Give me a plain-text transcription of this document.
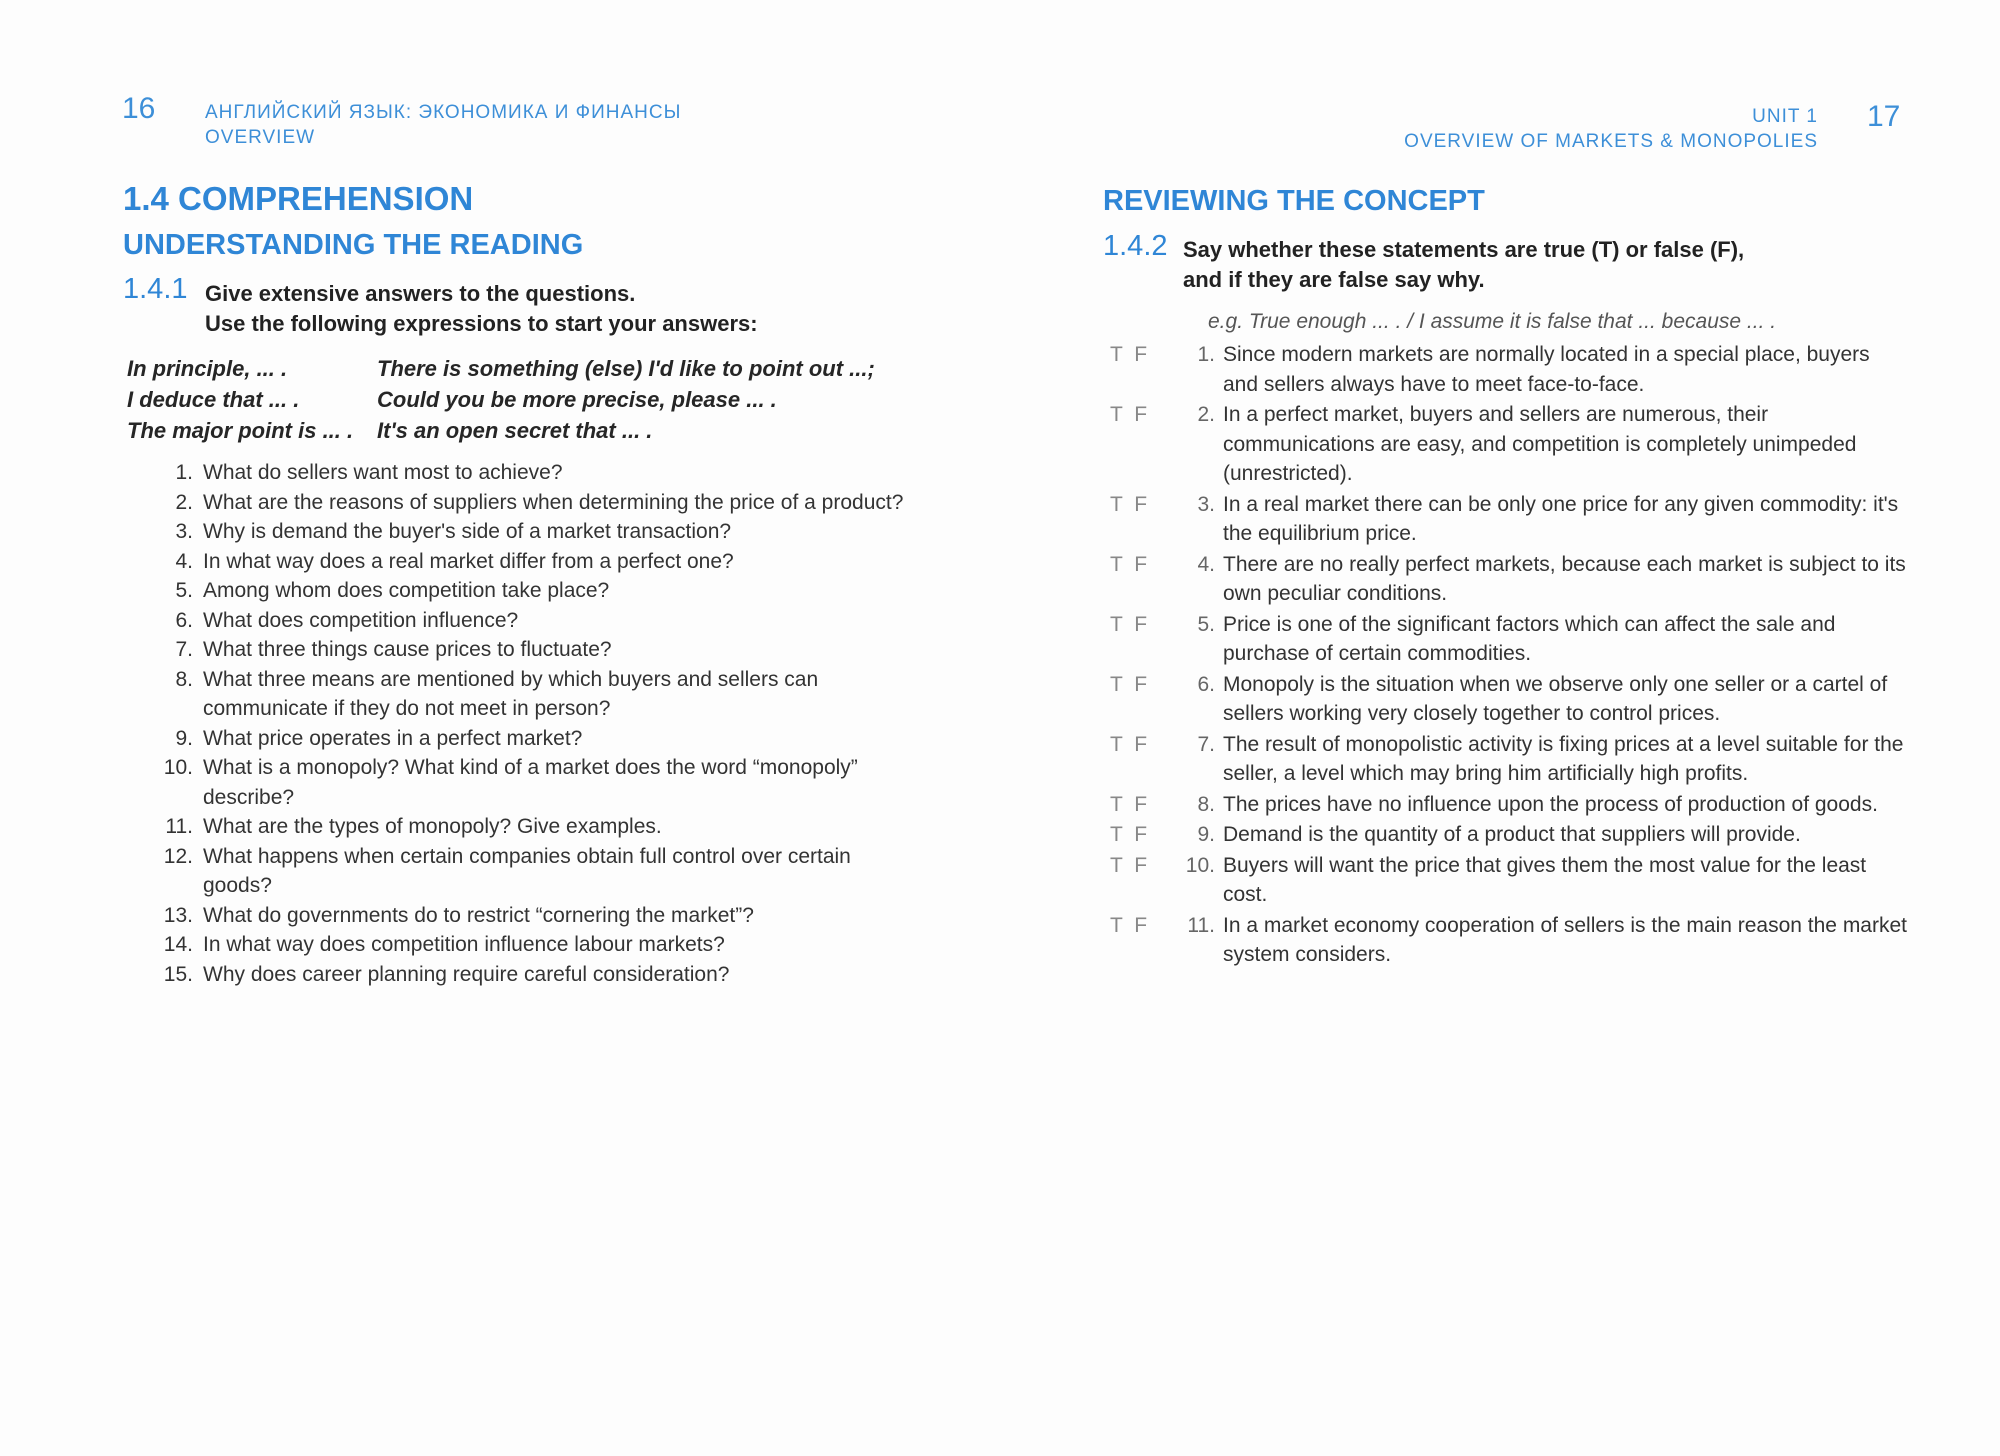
16	АНГЛИЙСКИЙ ЯЗЫК: ЭКОНОМИКА И ФИНАНСЫ
OVERVIEW
1.4 COMPREHENSION
UNDERSTANDING THE READING
1.4.1 Give extensive answers to the questions.
Use the following expressions to start your answers:
In principle, ... .	There is something (else) I'd like to point out ...;
I deduce that ... .	Could you be more precise, please ... .
The major point is ... .	It's an open secret that ... .
1. What do sellers want most to achieve?
2. What are the reasons of suppliers when determining the price of a product?
3. Why is demand the buyer's side of a market transaction?
4. In what way does a real market differ from a perfect one?
5. Among whom does competition take place?
6. What does competition influence?
7. What three things cause prices to fluctuate?
8. What three means are mentioned by which buyers and sellers can communicate if they do not meet in person?
9. What price operates in a perfect market?
10. What is a monopoly? What kind of a market does the word “monopoly” describe?
11. What are the types of monopoly? Give examples.
12. What happens when certain companies obtain full control over certain goods?
13. What do governments do to restrict “cornering the market”?
14. In what way does competition influence labour markets?
15. Why does career planning require careful consideration?
17
UNIT 1
OVERVIEW OF MARKETS & MONOPOLIES
REVIEWING THE CONCEPT
1.4.2 Say whether these statements are true (T) or false (F),
and if they are false say why.
e.g. True enough ... . / I assume it is false that ... because ... .
T F	1. Since modern markets are normally located in a special place, buyers and sellers always have to meet face-to-face.
T F	2. In a perfect market, buyers and sellers are numerous, their communications are easy, and competition is completely unimpeded (unrestricted).
T F	3. In a real market there can be only one price for any given commodity: it's the equilibrium price.
T F	4. There are no really perfect markets, because each market is subject to its own peculiar conditions.
T F	5. Price is one of the significant factors which can affect the sale and purchase of certain commodities.
T F	6. Monopoly is the situation when we observe only one seller or a cartel of sellers working very closely together to control prices.
T F	7. The result of monopolistic activity is fixing prices at a level suitable for the seller, a level which may bring him artificially high profits.
T F	8. The prices have no influence upon the process of production of goods.
T F	9. Demand is the quantity of a product that suppliers will provide.
T F	10. Buyers will want the price that gives them the most value for the least cost.
T F	11. In a market economy cooperation of sellers is the main reason the market system considers.
